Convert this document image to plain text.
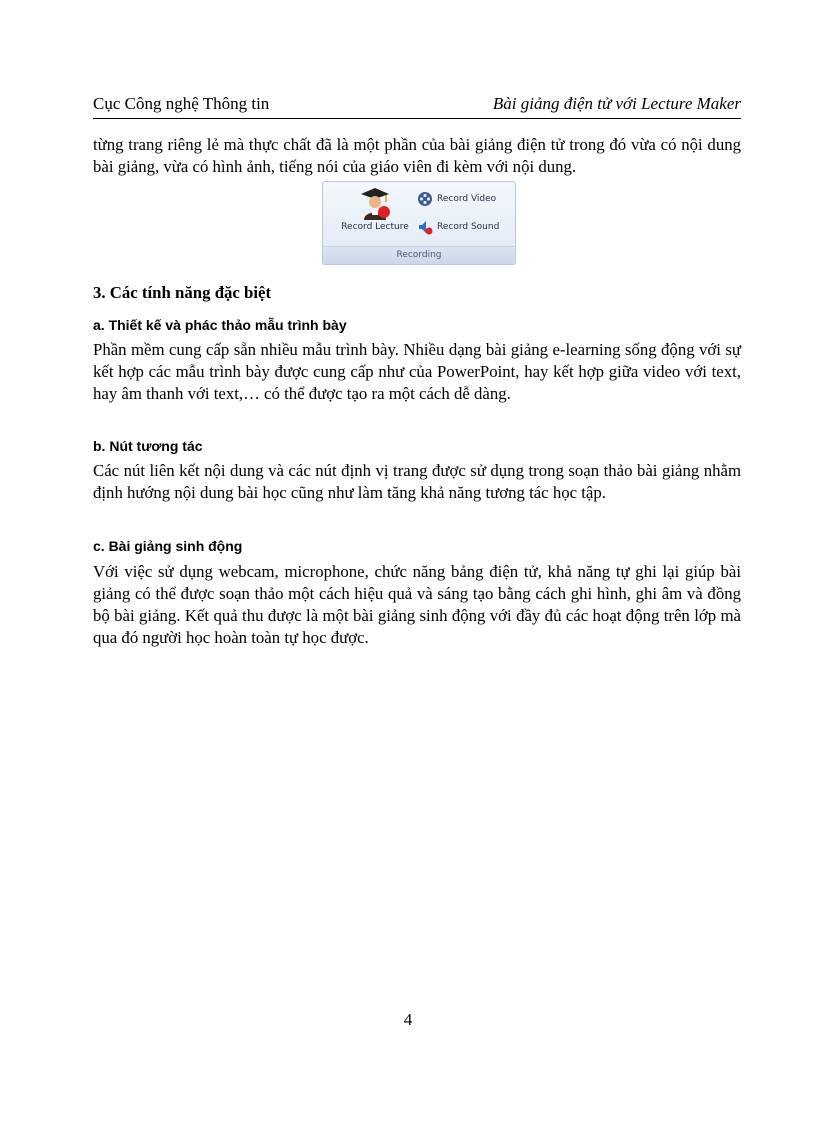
Cục Công nghệ Thông tin	Bài giảng điện tử với Lecture Maker

từng trang riêng lẻ mà thực chất đã là một phần của bài giảng điện tử trong đó vừa có nội dung bài giảng, vừa có hình ảnh, tiếng nói của giáo viên đi kèm với nội dung.

Record Lecture
Record Video
Record Sound
Recording
3. Các tính năng đặc biệt
a. Thiết kế và phác thảo mẫu trình bày

Phần mềm cung cấp sẵn nhiều mẫu trình bày. Nhiều dạng bài giảng e-learning sống động với sự kết hợp các mẫu trình bày được cung cấp như của PowerPoint, hay kết hợp giữa video với text, hay âm thanh với text,… có thể được tạo ra một cách dễ dàng.

b. Nút tương tác

Các nút liên kết nội dung và các nút định vị trang được sử dụng trong soạn thảo bài giảng nhằm định hướng nội dung bài học cũng như làm tăng khả năng tương tác học tập.

c. Bài giảng sinh động

Với việc sử dụng webcam, microphone, chức năng bảng điện tử, khả năng tự ghi lại giúp bài giảng có thể được soạn thảo một cách hiệu quả và sáng tạo bằng cách ghi hình, ghi âm và đồng bộ bài giảng. Kết quả thu được là một bài giảng sinh động với đầy đủ các hoạt động trên lớp mà qua đó người học hoàn toàn tự học được.

4
